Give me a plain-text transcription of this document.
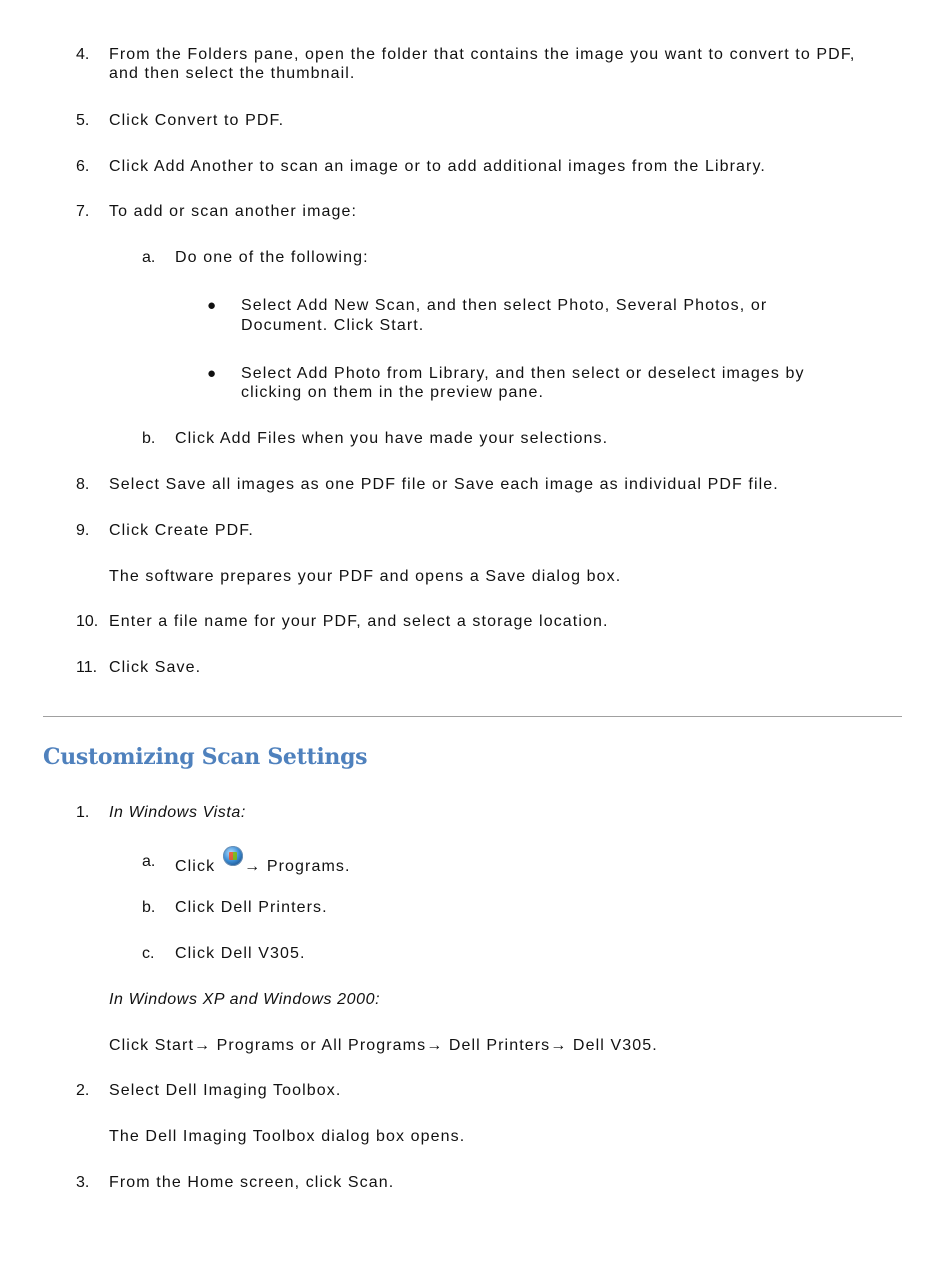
4. From the Folders pane, open the folder that contains the image you want to convert to PDF,
and then select the thumbnail.
5. Click Convert to PDF.
6. Click Add Another to scan an image or to add additional images from the Library.
7. To add or scan another image:
a. Do one of the following:
● Select Add New Scan, and then select Photo, Several Photos, or
Document. Click Start.
● Select Add Photo from Library, and then select or deselect images by
clicking on them in the preview pane.
b. Click Add Files when you have made your selections.
8. Select Save all images as one PDF file or Save each image as individual PDF file.
9. Click Create PDF.
The software prepares your PDF and opens a Save dialog box.
10. Enter a file name for your PDF, and select a storage location.
11. Click Save.
Customizing Scan Settings
1. In Windows Vista:
a. Click → Programs.
b. Click Dell Printers.
c. Click Dell V305.
In Windows XP and Windows 2000:
Click Start→ Programs or All Programs→ Dell Printers→ Dell V305.
2. Select Dell Imaging Toolbox.
The Dell Imaging Toolbox dialog box opens.
3. From the Home screen, click Scan.
